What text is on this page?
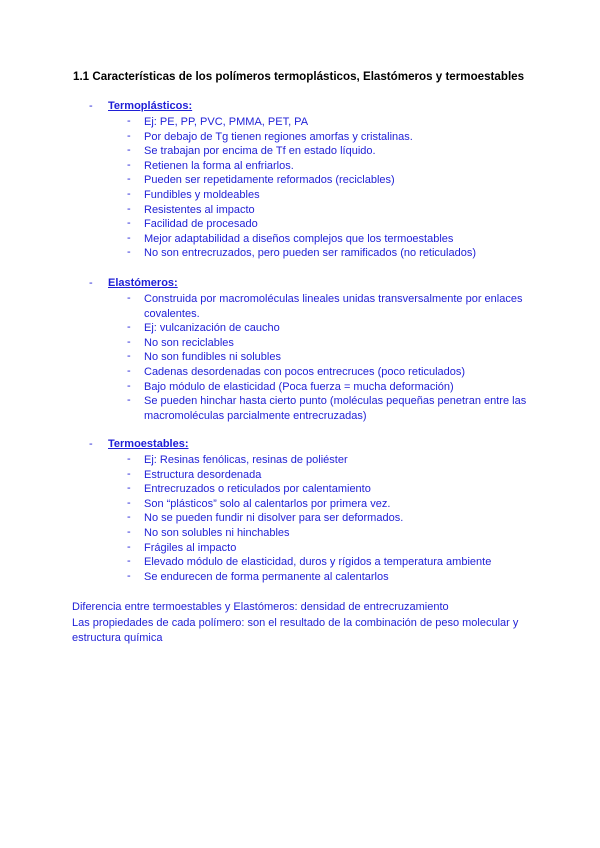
1.1 Características de los polímeros termoplásticos, Elastómeros y termoestables
- Termoplásticos:
- Ej: PE, PP, PVC, PMMA, PET, PA
- Por debajo de Tg tienen regiones amorfas y cristalinas.
- Se trabajan por encima de Tf en estado líquido.
- Retienen la forma al enfriarlos.
- Pueden ser repetidamente reformados (reciclables)
- Fundibles y moldeables
- Resistentes al impacto
- Facilidad de procesado
- Mejor adaptabilidad a diseños complejos que los termoestables
- No son entrecruzados, pero pueden ser ramificados (no reticulados)
- Elastómeros:
- Construida por macromoléculas lineales unidas transversalmente por enlaces covalentes.
- Ej: vulcanización de caucho
- No son reciclables
- No son fundibles ni solubles
- Cadenas desordenadas con pocos entrecruces (poco reticulados)
- Bajo módulo de elasticidad (Poca fuerza = mucha deformación)
- Se pueden hinchar hasta cierto punto (moléculas pequeñas penetran entre las macromoléculas parcialmente entrecruzadas)
- Termoestables:
- Ej: Resinas fenólicas, resinas de poliéster
- Estructura desordenada
- Entrecruzados o reticulados por calentamiento
- Son “plásticos” solo al calentarlos por primera vez.
- No se pueden fundir ni disolver para ser deformados.
- No son solubles ni hinchables
- Frágiles al impacto
- Elevado módulo de elasticidad, duros y rígidos a temperatura ambiente
- Se endurecen de forma permanente al calentarlos

Diferencia entre termoestables y Elastómeros: densidad de entrecruzamiento

Las propiedades de cada polímero: son el resultado de la combinación de peso molecular y estructura química
